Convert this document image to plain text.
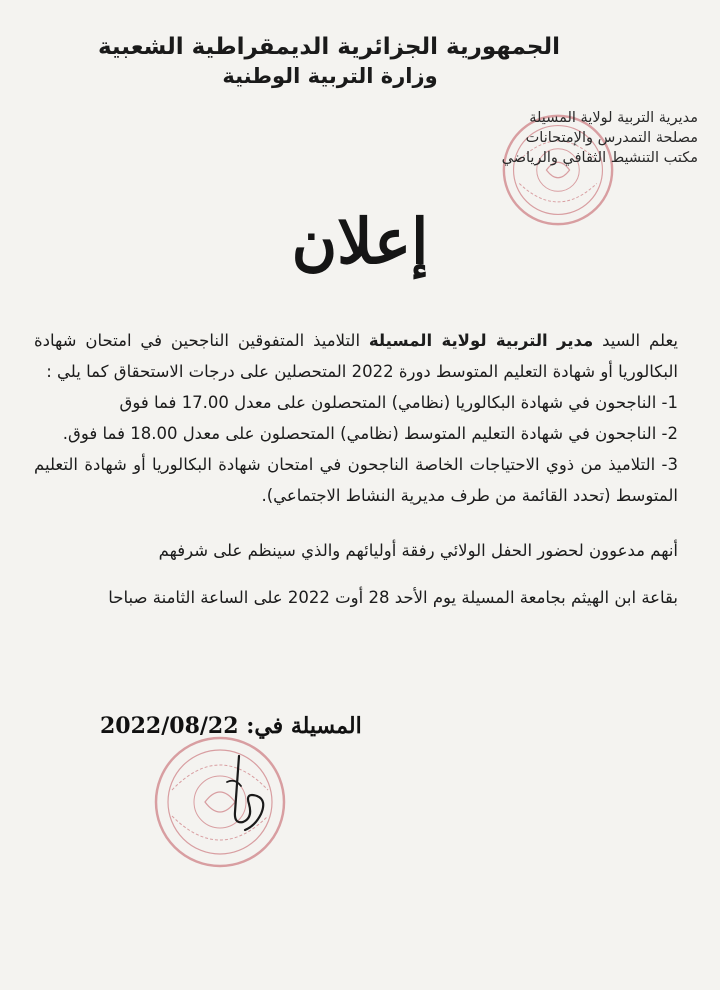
الجمهورية الجزائرية الديمقراطية الشعبية
وزارة التربية الوطنية
مديرية التربية لولاية المسيلة
مصلحة التمدرس والإمتحانات
مكتب التنشيط الثقافي والرياضي
إعلان

يعلم السيد مدير التربية لولاية المسيلة التلاميذ المتفوقين الناجحين في امتحان شهادة البكالوريا أو شهادة التعليم المتوسط دورة 2022 المتحصلين على درجات الاستحقاق كما يلي :

1- الناجحون في شهادة البكالوريا (نظامي) المتحصلون على معدل 17.00 فما فوق

2- الناجحون في شهادة التعليم المتوسط (نظامي) المتحصلون على معدل 18.00 فما فوق.

3- التلاميذ من ذوي الاحتياجات الخاصة الناجحون في امتحان شهادة البكالوريا أو شهادة التعليم المتوسط (تحدد القائمة من طرف مديرية النشاط الاجتماعي).

أنهم مدعوون لحضور الحفل الولائي رفقة أوليائهم والذي سينظم على شرفهم

بقاعة ابن الهيثم بجامعة المسيلة يوم الأحد 28 أوت 2022 على الساعة الثامنة صباحا

المسيلة في: 2022/08/22
